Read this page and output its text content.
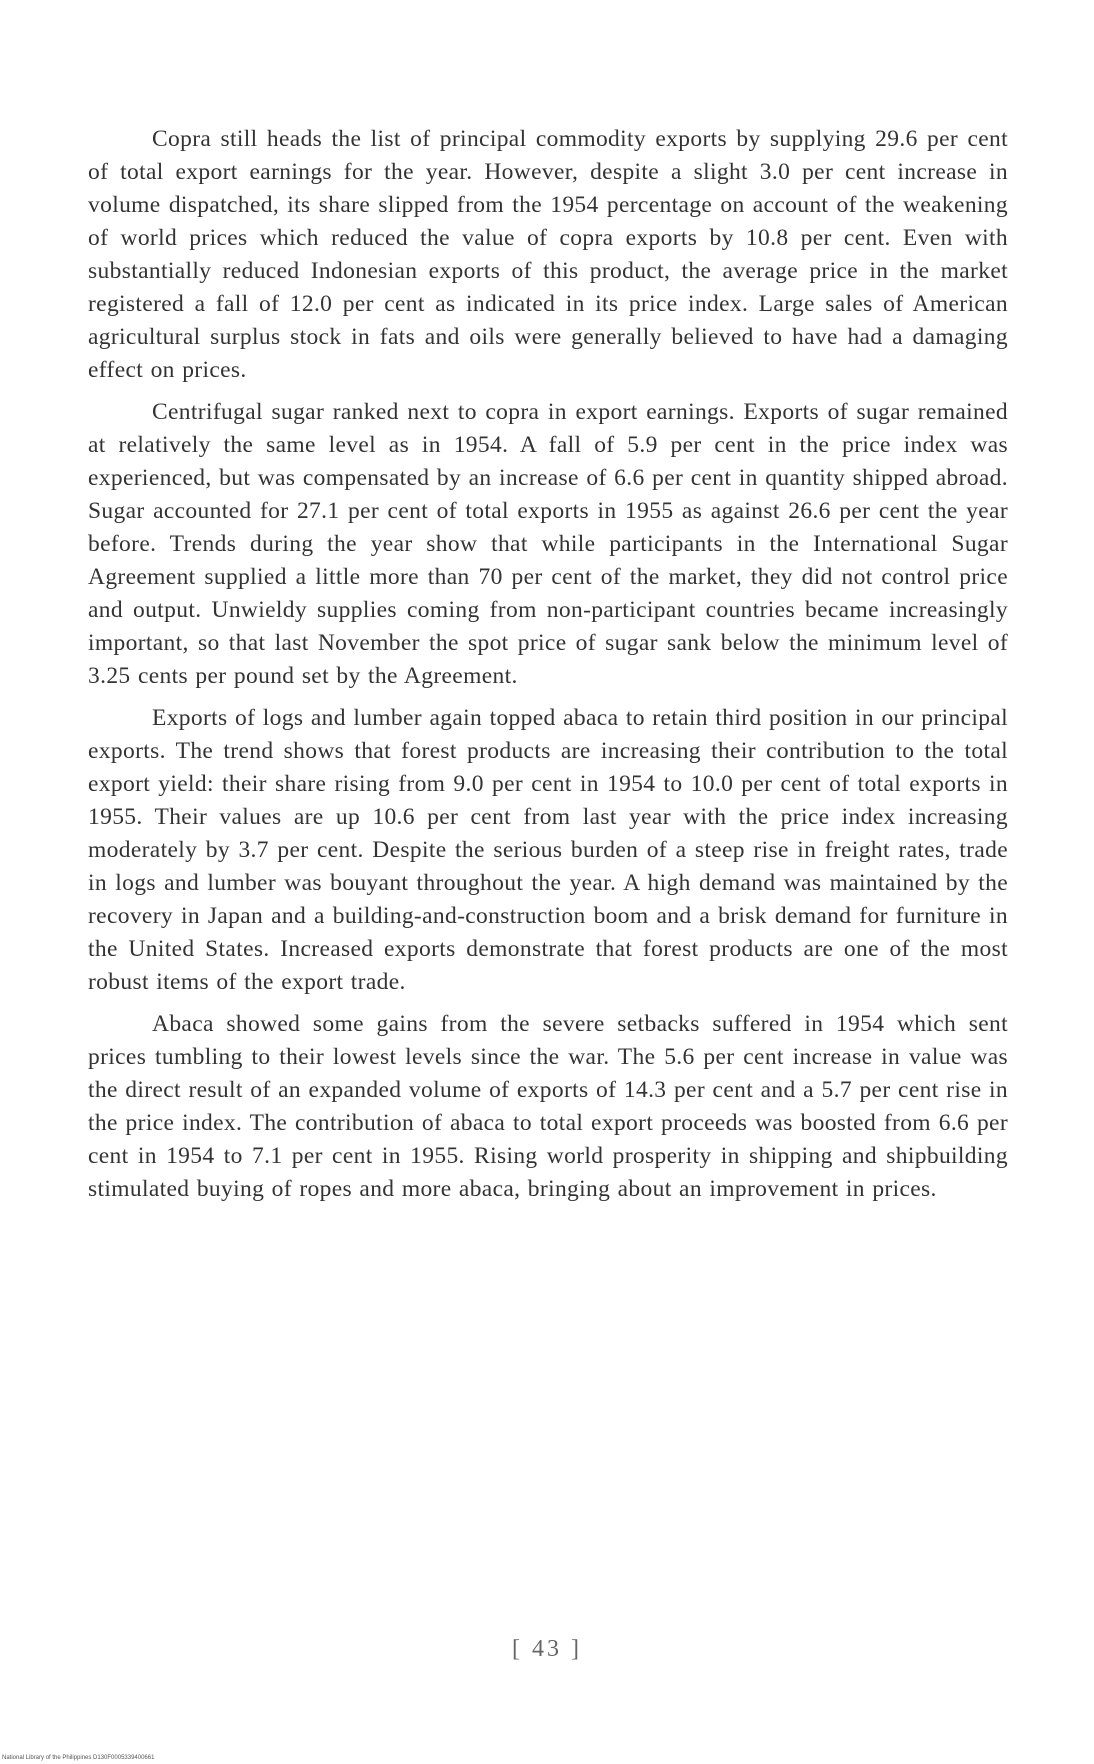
Copra still heads the list of principal commodity exports by supplying 29.6 per cent of total export earnings for the year. However, despite a slight 3.0 per cent increase in volume dispatched, its share slipped from the 1954 percentage on account of the weakening of world prices which reduced the value of copra exports by 10.8 per cent. Even with substantially reduced Indonesian exports of this product, the average price in the market registered a fall of 12.0 per cent as indicated in its price index. Large sales of American agricultural surplus stock in fats and oils were generally believed to have had a damaging effect on prices.

Centrifugal sugar ranked next to copra in export earnings. Exports of sugar remained at relatively the same level as in 1954. A fall of 5.9 per cent in the price index was experienced, but was compensated by an increase of 6.6 per cent in quantity shipped abroad. Sugar accounted for 27.1 per cent of total exports in 1955 as against 26.6 per cent the year before. Trends during the year show that while participants in the International Sugar Agreement supplied a little more than 70 per cent of the market, they did not control price and output. Unwieldy supplies coming from non-participant countries became increasingly important, so that last November the spot price of sugar sank below the minimum level of 3.25 cents per pound set by the Agreement.

Exports of logs and lumber again topped abaca to retain third position in our principal exports. The trend shows that forest products are increasing their contribution to the total export yield: their share rising from 9.0 per cent in 1954 to 10.0 per cent of total exports in 1955. Their values are up 10.6 per cent from last year with the price index increasing moderately by 3.7 per cent. Despite the serious burden of a steep rise in freight rates, trade in logs and lumber was bouyant throughout the year. A high demand was maintained by the recovery in Japan and a building-and-construction boom and a brisk demand for furniture in the United States. Increased exports demonstrate that forest products are one of the most robust items of the export trade.

Abaca showed some gains from the severe setbacks suffered in 1954 which sent prices tumbling to their lowest levels since the war. The 5.6 per cent increase in value was the direct result of an expanded volume of exports of 14.3 per cent and a 5.7 per cent rise in the price index. The contribution of abaca to total export proceeds was boosted from 6.6 per cent in 1954 to 7.1 per cent in 1955. Rising world prosperity in shipping and shipbuilding stimulated buying of ropes and more abaca, bringing about an improvement in prices.

[ 43 ]
National Library of the Philippines D130F0005339400661
